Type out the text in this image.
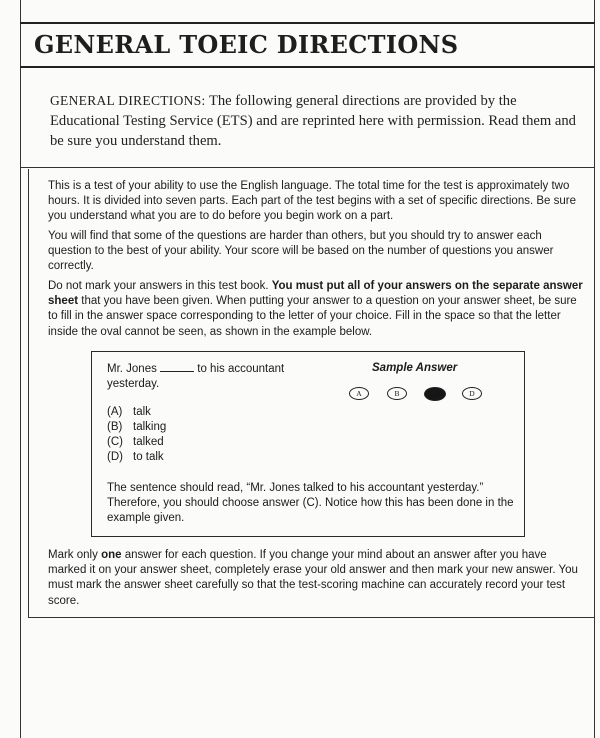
GENERAL TOEIC DIRECTIONS

GENERAL DIRECTIONS: The following general directions are provided by the Educational Testing Service (ETS) and are reprinted here with permission. Read them and be sure you understand them.

This is a test of your ability to use the English language. The total time for the test is approximately two hours. It is divided into seven parts. Each part of the test begins with a set of specific directions. Be sure you understand what you are to do before you begin work on a part.

You will find that some of the questions are harder than others, but you should try to answer each question to the best of your ability. Your score will be based on the number of questions you answer correctly.

Do not mark your answers in this test book. You must put all of your answers on the separate answer sheet that you have been given. When putting your answer to a question on your answer sheet, be sure to fill in the answer space corresponding to the letter of your choice. Fill in the space so that the letter inside the oval cannot be seen, as shown in the example below.

Mr. Jones	to his accountant yesterday.

Sample Answer

A	B	D
(A) talk
(B) talking
(C) talked
(D) to talk

The sentence should read, “Mr. Jones talked to his accountant yesterday.” Therefore, you should choose answer (C). Notice how this has been done in the example given.

Mark only one answer for each question. If you change your mind about an answer after you have marked it on your answer sheet, completely erase your old answer and then mark your new answer. You must mark the answer sheet carefully so that the test-scoring machine can accurately record your test score.
